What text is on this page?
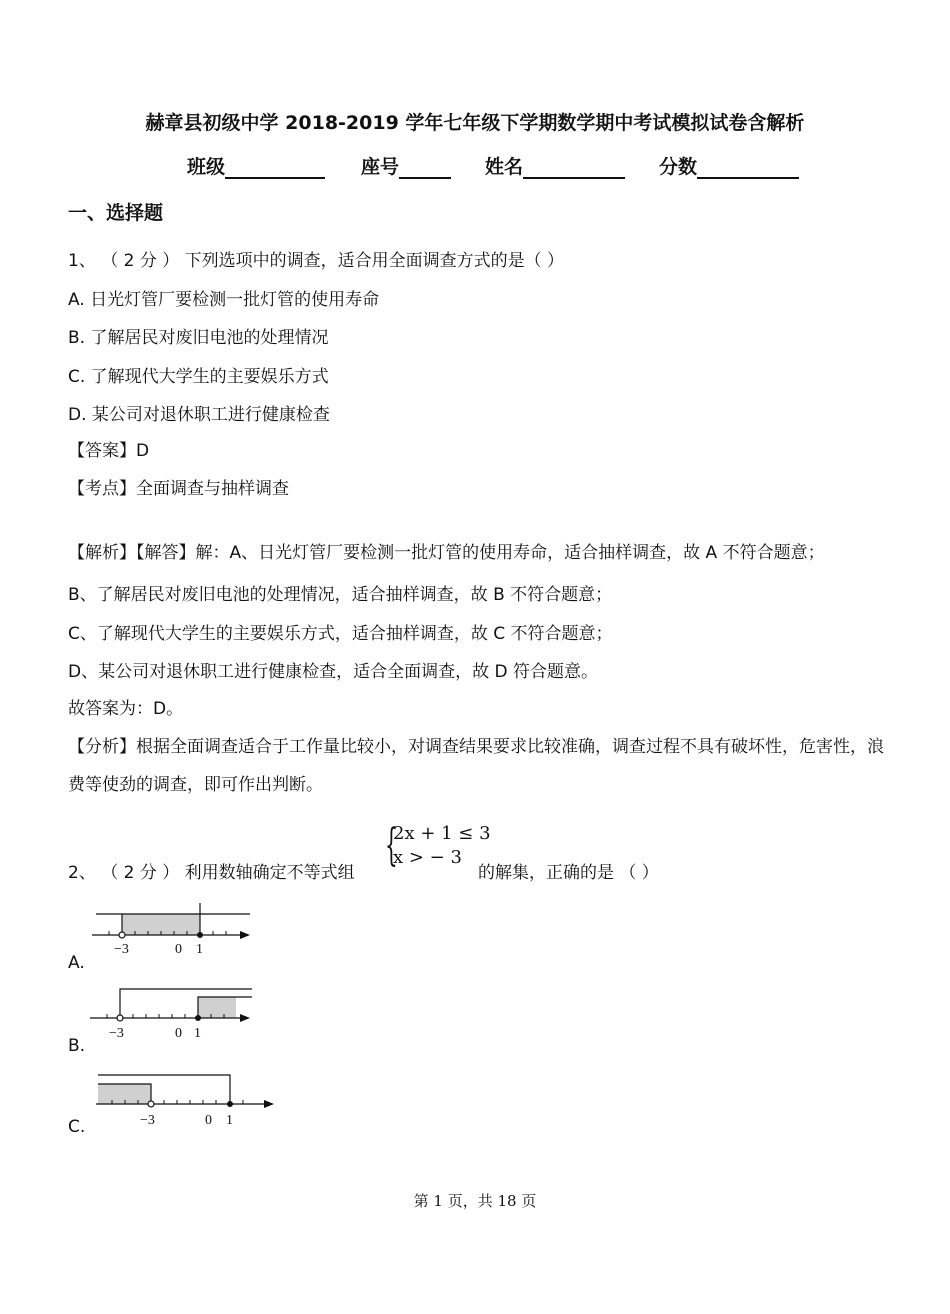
赫章县初级中学 2018-2019 学年七年级下学期数学期中考试模拟试卷含解析
班级	座号	姓名	分数
一、选择题
1、 （ 2 分 ） 下列选项中的调查，适合用全面调查方式的是（ ）
A. 日光灯管厂要检测一批灯管的使用寿命
B. 了解居民对废旧电池的处理情况
C. 了解现代大学生的主要娱乐方式
D. 某公司对退休职工进行健康检查
【答案】D
【考点】全面调查与抽样调查
【解析】【解答】解：A、日光灯管厂要检测一批灯管的使用寿命，适合抽样调查，故 A 不符合题意；
B、了解居民对废旧电池的处理情况，适合抽样调查，故 B 不符合题意；
C、了解现代大学生的主要娱乐方式，适合抽样调查，故 C 不符合题意；
D、某公司对退休职工进行健康检查，适合全面调查，故 D 符合题意。
故答案为：D。
【分析】根据全面调查适合于工作量比较小，对调查结果要求比较准确，调查过程不具有破坏性，危害性，浪
费等使劲的调查，即可作出判断。
2、 （ 2 分 ） 利用数轴确定不等式组
{
2x + 1 ≤ 3
x > − 3
的解集，正确的是 （ ）
−3	0 1
A.
−3	0 1
B.
−3	0 1
C.
第 1 页，共 18 页
